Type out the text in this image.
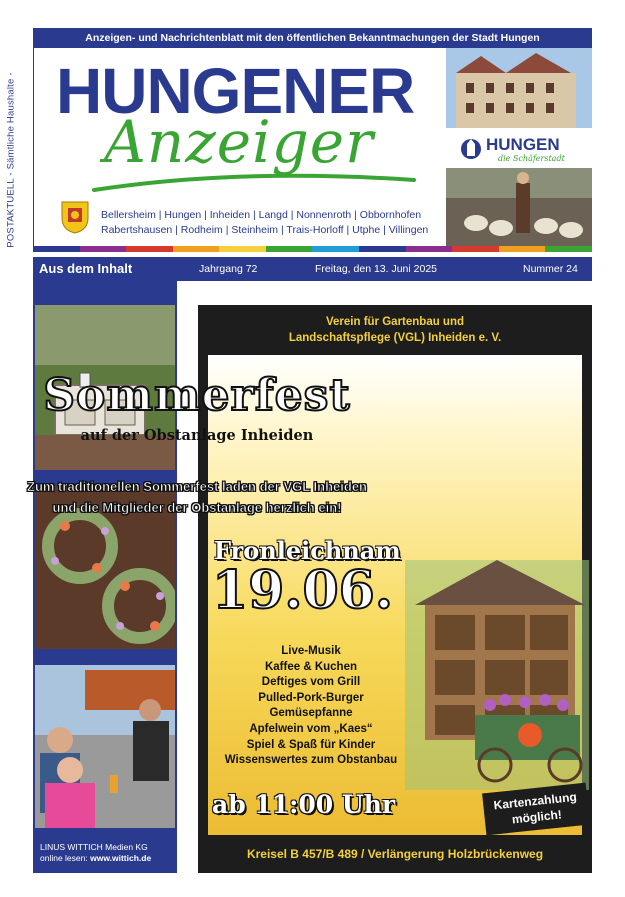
POSTAKTUELL - Sämtliche Haushalte -
Anzeigen- und Nachrichtenblatt mit den öffentlichen Bekanntmachungen der Stadt Hungen
HUNGENER
Anzeiger
Bellersheim | Hungen | Inheiden | Langd | Nonnenroth | Obbornhofen
Rabertshausen | Rodheim | Steinheim | Trais-Horloff | Utphe | Villingen
HUNGEN
die Schäferstadt
Aus dem Inhalt	Jahrgang 72	Freitag, den 13. Juni 2025	Nummer 24
LINUS WITTICH Medien KG
online lesen: www.wittich.de
Verein für Gartenbau und
Landschaftspflege (VGL) Inheiden e. V.
Sommerfest
auf der Obstanlage Inheiden
Zum traditionellen Sommerfest laden der VGL Inheiden
und die Mitglieder der Obstanlage herzlich ein!
Fronleichnam
19.06.
Live-Musik
Kaffee & Kuchen
Deftiges vom Grill
Pulled-Pork-Burger
Gemüsepfanne
Apfelwein vom „Kaes“
Spiel & Spaß für Kinder
Wissenswertes zum Obstanbau
ab 11:00 Uhr	Kartenzahlung
möglich!
Kreisel B 457/B 489 / Verlängerung Holzbrückenweg
